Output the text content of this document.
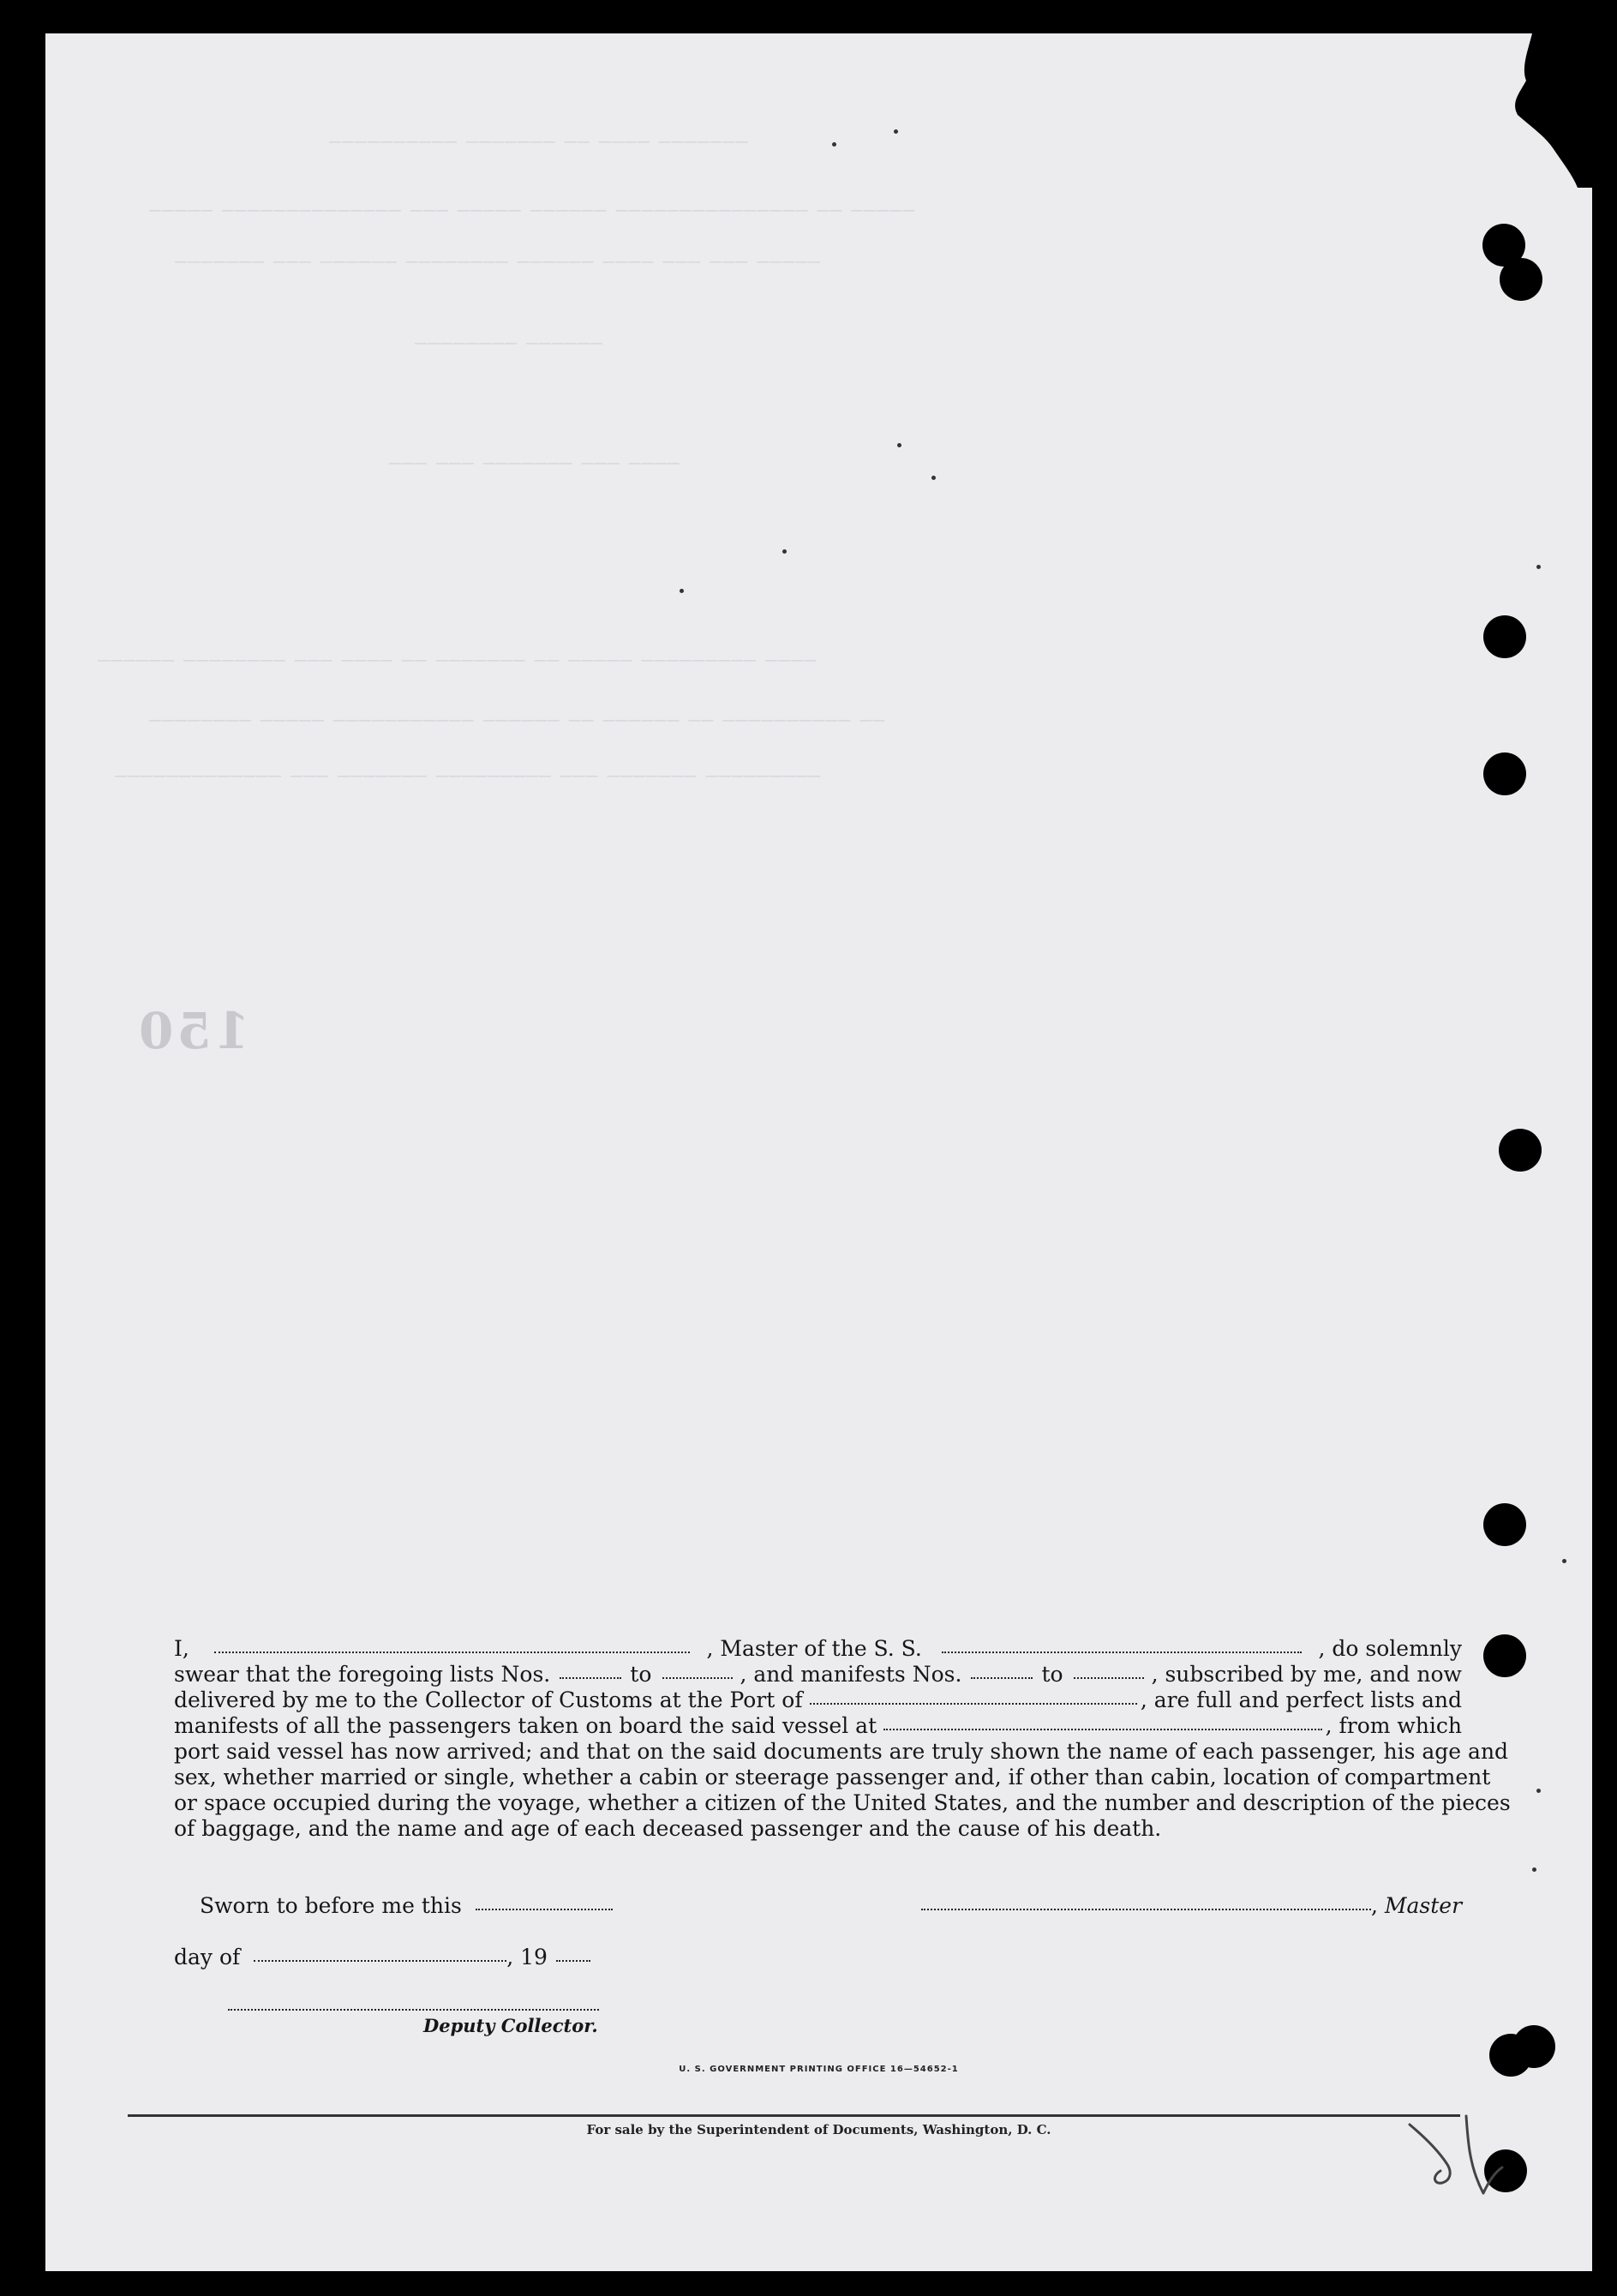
_______ ____ __ _______ __________
_____ __ _______________ ______ _____ ___ ______________ _____
_____ ___ ___ ____ ______ ________ ______ ___ _______
______ ________
____ ___ _______ ___ ___
____ _________ _____ __ _______ __ ____ ___ ________ ______
__ __________ __ ______ __ ______ ___________ _____ ________
_________ _______ ___ _________ _______ ___ _____________
150
I,	, Master of the S. S.	, do solemnly
swear that the foregoing lists Nos.	to	, and manifests Nos.	to	, subscribed by me, and now
delivered by me to the Collector of Customs at the Port of	, are full and perfect lists and
manifests of all the passengers taken on board the said vessel at	, from which
port said vessel has now arrived; and that on the said documents are truly shown the name of each passenger, his age and
sex, whether married or single, whether a cabin or steerage passenger and, if other than cabin, location of compartment
or space occupied during the voyage, whether a citizen of the United States, and the number and description of the pieces
of baggage, and the name and age of each deceased passenger and the cause of his death.
Sworn to before me this	, Master
day of	, 19
Deputy Collector.
U. S. GOVERNMENT PRINTING OFFICE 16—54652-1
For sale by the Superintendent of Documents, Washington, D. C.
